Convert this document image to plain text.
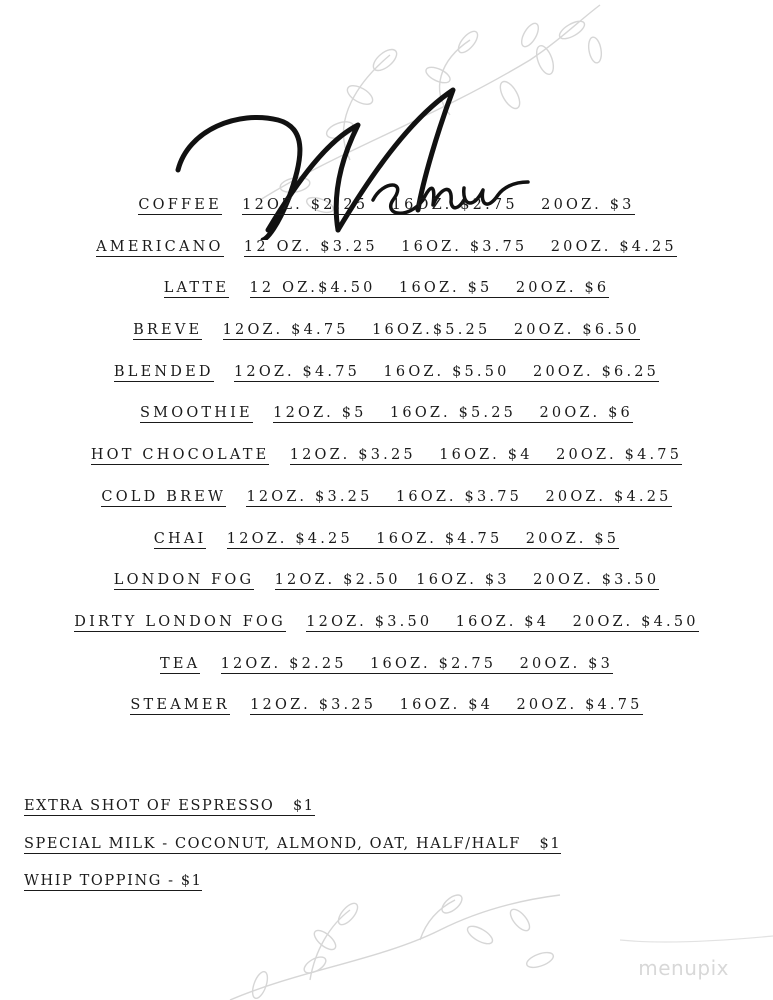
COFFEE 12OZ. $2.25   16OZ. $2.75   20OZ. $3
AMERICANO 12 OZ. $3.25   16OZ. $3.75   20OZ. $4.25
LATTE 12 OZ.$4.50   16OZ. $5   20OZ. $6
BREVE 12OZ. $4.75   16OZ.$5.25   20OZ. $6.50
BLENDED 12OZ. $4.75   16OZ. $5.50   20OZ. $6.25
SMOOTHIE 12OZ. $5   16OZ. $5.25   20OZ. $6
HOT CHOCOLATE 12OZ. $3.25   16OZ. $4   20OZ. $4.75
COLD BREW 12OZ. $3.25   16OZ. $3.75   20OZ. $4.25
CHAI 12OZ. $4.25   16OZ. $4.75   20OZ. $5
LONDON FOG 12OZ. $2.50  16OZ. $3   20OZ. $3.50
DIRTY LONDON FOG 12OZ. $3.50   16OZ. $4   20OZ. $4.50
TEA 12OZ. $2.25   16OZ. $2.75   20OZ. $3
STEAMER 12OZ. $3.25   16OZ. $4   20OZ. $4.75
EXTRA SHOT OF ESPRESSO   $1
SPECIAL MILK - COCONUT, ALMOND, OAT, HALF/HALF   $1
WHIP TOPPING - $1
menupix
